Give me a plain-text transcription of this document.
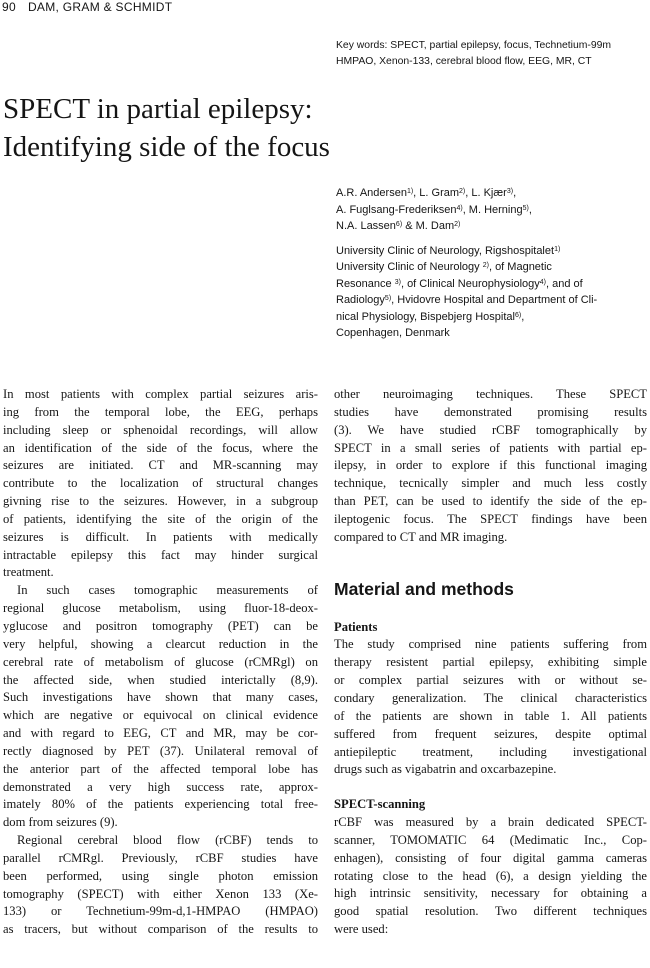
90 DAM, GRAM & SCHMIDT
Key words: SPECT, partial epilepsy, focus, Technetium-99m
HMPAO, Xenon-133, cerebral blood flow, EEG, MR, CT
SPECT in partial epilepsy:
Identifying side of the focus
A.R. Andersen$^{1)}$, L. Gram$^{2)}$, L. Kjær$^{3)}$,
A. Fuglsang-Frederiksen$^{4)}$, M. Herning$^{5)}$,
N.A. Lassen$^{6)}$ & M. Dam$^{2)}$
University Clinic of Neurology, Rigshospitalet$^{1)}$
University Clinic of Neurology $^{2)}$, of Magnetic
Resonance $^{3)}$, of Clinical Neurophysiology$^{4)}$, and of
Radiology$^{5)}$, Hvidovre Hospital and Department of Cli-
nical Physiology, Bispebjerg Hospital$^{6)}$,
Copenhagen, Denmark
In most patients with complex partial seizures aris-
ing from the temporal lobe, the EEG, perhaps
including sleep or sphenoidal recordings, will allow
an identification of the side of the focus, where the
seizures are initiated. CT and MR-scanning may
contribute to the localization of structural changes
givning rise to the seizures. However, in a subgroup
of patients, identifying the site of the origin of the
seizures is difficult. In patients with medically
intractable epilepsy this fact may hinder surgical
treatment.
In such cases tomographic measurements of
regional glucose metabolism, using fluor-18-deox-
yglucose and positron tomography (PET) can be
very helpful, showing a clearcut reduction in the
cerebral rate of metabolism of glucose (rCMRgl) on
the affected side, when studied interictally (8,9).
Such investigations have shown that many cases,
which are negative or equivocal on clinical evidence
and with regard to EEG, CT and MR, may be cor-
rectly diagnosed by PET (37). Unilateral removal of
the anterior part of the affected temporal lobe has
demonstrated a very high success rate, approx-
imately 80% of the patients experiencing total free-
dom from seizures (9).
Regional cerebral blood flow (rCBF) tends to
parallel rCMRgl. Previously, rCBF studies have
been performed, using single photon emission
tomography (SPECT) with either Xenon 133 (Xe-
133) or Technetium-99m-d,1-HMPAO (HMPAO)
as tracers, but without comparison of the results to
other neuroimaging techniques. These SPECT
studies have demonstrated promising results
(3). We have studied rCBF tomographically by
SPECT in a small series of patients with partial ep-
ilepsy, in order to explore if this functional imaging
technique, tecnically simpler and much less costly
than PET, can be used to identify the side of the ep-
ileptogenic focus. The SPECT findings have been
compared to CT and MR imaging.
Material and methods
Patients
The study comprised nine patients suffering from
therapy resistent partial epilepsy, exhibiting simple
or complex partial seizures with or without se-
condary generalization. The clinical characteristics
of the patients are shown in table 1. All patients
suffered from frequent seizures, despite optimal
antiepileptic treatment, including investigational
drugs such as vigabatrin and oxcarbazepine.
SPECT-scanning
rCBF was measured by a brain dedicated SPECT-
scanner, TOMOMATIC 64 (Medimatic Inc., Cop-
enhagen), consisting of four digital gamma cameras
rotating close to the head (6), a design yielding the
high intrinsic sensitivity, necessary for obtaining a
good spatial resolution. Two different techniques
were used:
